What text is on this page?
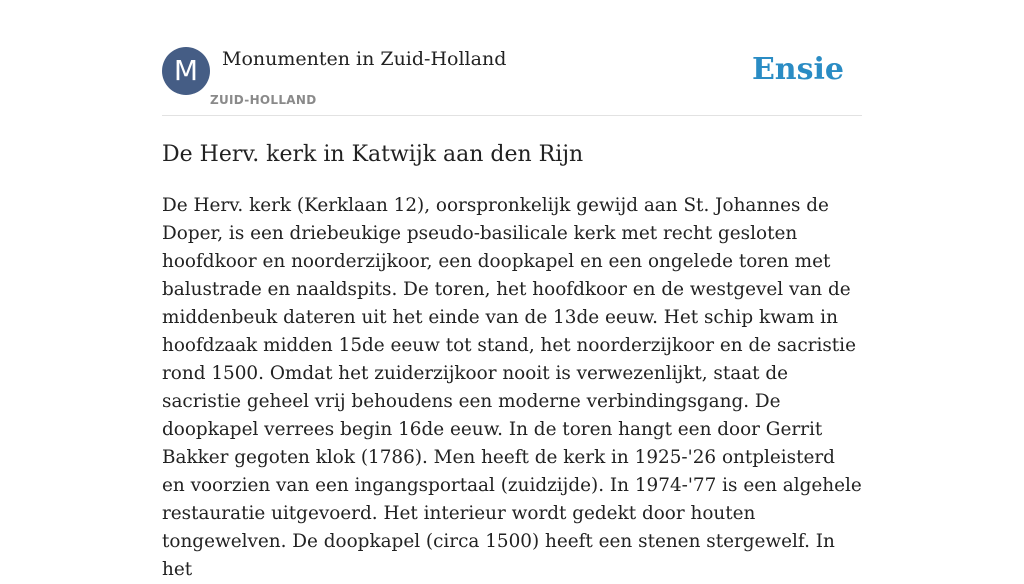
M	Monumenten in Zuid-Holland
ZUID-HOLLAND
Ensie
De Herv. kerk in Katwijk aan den Rijn

De Herv. kerk (Kerklaan 12), oorspronkelijk gewijd aan St. Johannes de Doper, is een driebeukige pseudo-basilicale kerk met recht gesloten hoofdkoor en noorderzijkoor, een doopkapel en een ongelede toren met balustrade en naaldspits. De toren, het hoofdkoor en de westgevel van de middenbeuk dateren uit het einde van de 13de eeuw. Het schip kwam in hoofdzaak midden 15de eeuw tot stand, het noorderzijkoor en de sacristie rond 1500. Omdat het zuiderzijkoor nooit is verwezenlijkt, staat de sacristie geheel vrij behoudens een moderne verbindingsgang. De doopkapel verrees begin 16de eeuw. In de toren hangt een door Gerrit Bakker gegoten klok (1786). Men heeft de kerk in 1925-'26 ontpleisterd en voorzien van een ingangsportaal (zuidzijde). In 1974-'77 is een algehele restauratie uitgevoerd. Het interieur wordt gedekt door houten tongewelven. De doopkapel (circa 1500) heeft een stenen stergewelf. In het
